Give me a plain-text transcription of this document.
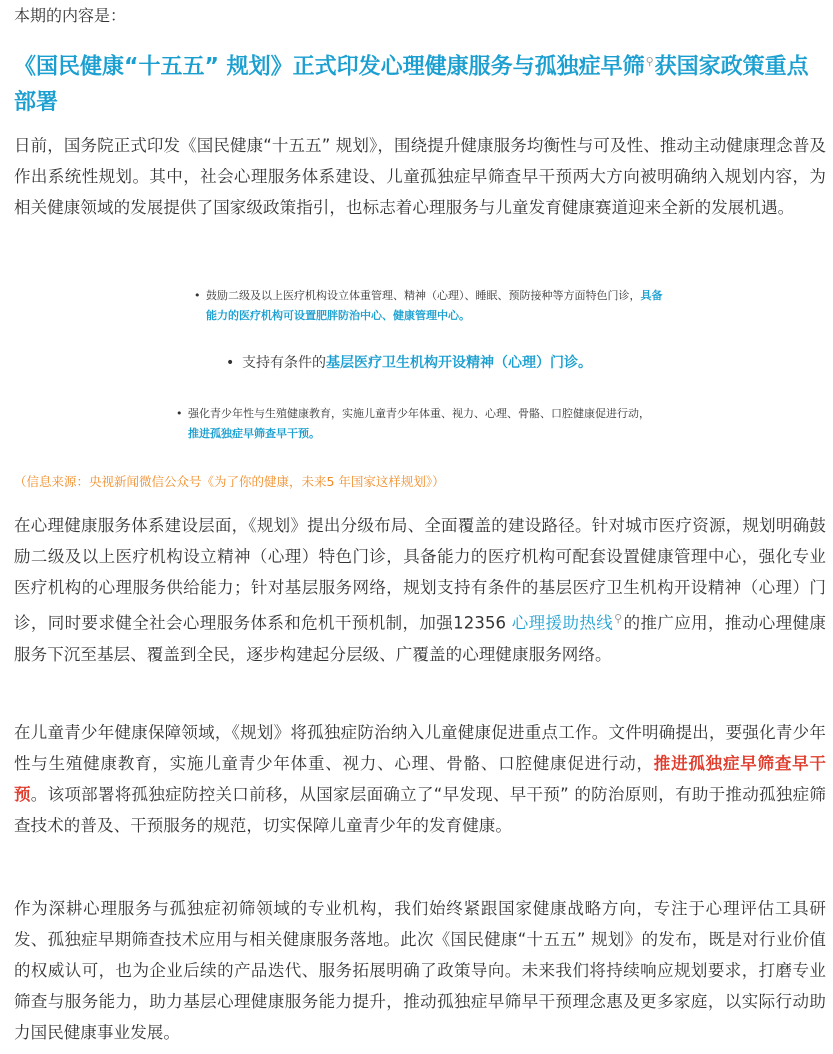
本期的内容是：
《国民健康“十五五” 规划》正式印发心理健康服务与孤独症早筛⚲获国家政策重点部署
日前，国务院正式印发《国民健康“十五五” 规划》，围绕提升健康服务均衡性与可及性、推动主动健康理念普及作出系统性规划。其中，社会心理服务体系建设、儿童孤独症早筛查早干预两大方向被明确纳入规划内容，为相关健康领域的发展提供了国家级政策指引，也标志着心理服务与儿童发育健康赛道迎来全新的发展机遇。
• 鼓励二级及以上医疗机构设立体重管理、精神（心理）、睡眠、预防接种等方面特色门诊，具备能力的医疗机构可设置肥胖防治中心、健康管理中心。
• 支持有条件的基层医疗卫生机构开设精神（心理）门诊。
• 强化青少年性与生殖健康教育，实施儿童青少年体重、视力、心理、骨骼、口腔健康促进行动，推进孤独症早筛查早干预。
（信息来源：央视新闻微信公众号《为了你的健康，未来5 年国家这样规划》）
在心理健康服务体系建设层面，《规划》提出分级布局、全面覆盖的建设路径。针对城市医疗资源，规划明确鼓励二级及以上医疗机构设立精神（心理）特色门诊，具备能力的医疗机构可配套设置健康管理中心，强化专业医疗机构的心理服务供给能力；针对基层服务网络，规划支持有条件的基层医疗卫生机构开设精神（心理）门诊，同时要求健全社会心理服务体系和危机干预机制，加强12356 心理援助热线⚲的推广应用，推动心理健康服务下沉至基层、覆盖到全民，逐步构建起分层级、广覆盖的心理健康服务网络。
在儿童青少年健康保障领域，《规划》将孤独症防治纳入儿童健康促进重点工作。文件明确提出，要强化青少年性与生殖健康教育，实施儿童青少年体重、视力、心理、骨骼、口腔健康促进行动，推进孤独症早筛查早干预。该项部署将孤独症防控关口前移，从国家层面确立了“早发现、早干预” 的防治原则，有助于推动孤独症筛查技术的普及、干预服务的规范，切实保障儿童青少年的发育健康。
作为深耕心理服务与孤独症初筛领域的专业机构，我们始终紧跟国家健康战略方向，专注于心理评估工具研发、孤独症早期筛查技术应用与相关健康服务落地。此次《国民健康“十五五” 规划》的发布，既是对行业价值的权威认可，也为企业后续的产品迭代、服务拓展明确了政策导向。未来我们将持续响应规划要求，打磨专业筛查与服务能力，助力基层心理健康服务能力提升，推动孤独症早筛早干预理念惠及更多家庭，以实际行动助力国民健康事业发展。
